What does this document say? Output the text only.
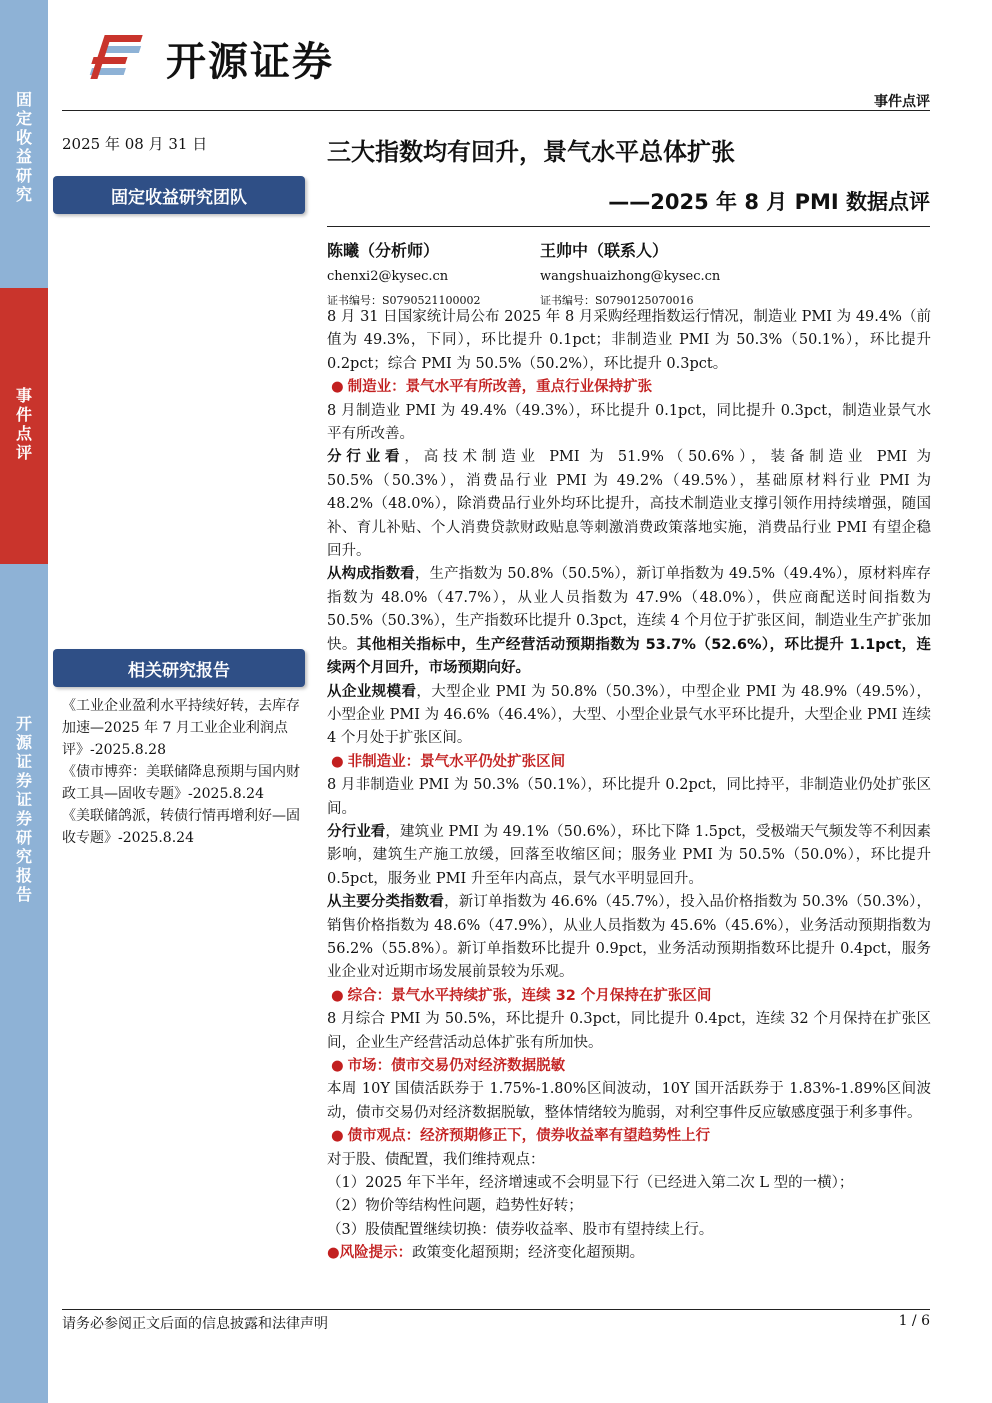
固定收益研究
事件点评
开源证券 证券研究报告
开源证券
事件点评
2025 年 08 月 31 日
固定收益研究团队
相关研究报告

《工业企业盈利水平持续好转，去库存加速—2025 年 7 月工业企业利润点评》-2025.8.28

《债市博弈：美联储降息预期与国内财政工具—固收专题》-2025.8.24

《美联储鸽派，转债行情再增利好—固收专题》-2025.8.24

三大指数均有回升，景气水平总体扩张
——2025 年 8 月 PMI 数据点评
陈曦（分析师）
chenxi2@kysec.cn
证书编号：S0790521100002
王帅中（联系人）
wangshuaizhong@kysec.cn
证书编号：S0790125070016

8 月 31 日国家统计局公布 2025 年 8 月采购经理指数运行情况，制造业 PMI 为 49.4%（前值为 49.3%，下同），环比提升 0.1pct；非制造业 PMI 为 50.3%（50.1%），环比提升 0.2pct；综合 PMI 为 50.5%（50.2%），环比提升 0.3pct。

● 制造业：景气水平有所改善，重点行业保持扩张

8 月制造业 PMI 为 49.4%（49.3%），环比提升 0.1pct，同比提升 0.3pct，制造业景气水平有所改善。

分行业看，高技术制造业 PMI 为 51.9%（50.6%），装备制造业 PMI 为 50.5%（50.3%），消费品行业 PMI 为 49.2%（49.5%），基础原材料行业 PMI 为 48.2%（48.0%），除消费品行业外均环比提升，高技术制造业支撑引领作用持续增强，随国补、育儿补贴、个人消费贷款财政贴息等刺激消费政策落地实施，消费品行业 PMI 有望企稳回升。

从构成指数看，生产指数为 50.8%（50.5%），新订单指数为 49.5%（49.4%），原材料库存指数为 48.0%（47.7%），从业人员指数为 47.9%（48.0%），供应商配送时间指数为 50.5%（50.3%），生产指数环比提升 0.3pct，连续 4 个月位于扩张区间，制造业生产扩张加快。其他相关指标中，生产经营活动预期指数为 53.7%（52.6%），环比提升 1.1pct，连续两个月回升，市场预期向好。

从企业规模看，大型企业 PMI 为 50.8%（50.3%），中型企业 PMI 为 48.9%（49.5%），小型企业 PMI 为 46.6%（46.4%），大型、小型企业景气水平环比提升，大型企业 PMI 连续 4 个月处于扩张区间。

● 非制造业：景气水平仍处扩张区间

8 月非制造业 PMI 为 50.3%（50.1%），环比提升 0.2pct，同比持平，非制造业仍处扩张区间。

分行业看，建筑业 PMI 为 49.1%（50.6%），环比下降 1.5pct，受极端天气频发等不利因素影响，建筑生产施工放缓，回落至收缩区间；服务业 PMI 为 50.5%（50.0%），环比提升 0.5pct，服务业 PMI 升至年内高点，景气水平明显回升。

从主要分类指数看，新订单指数为 46.6%（45.7%），投入品价格指数为 50.3%（50.3%），销售价格指数为 48.6%（47.9%），从业人员指数为 45.6%（45.6%），业务活动预期指数为 56.2%（55.8%）。新订单指数环比提升 0.9pct，业务活动预期指数环比提升 0.4pct，服务业企业对近期市场发展前景较为乐观。

● 综合：景气水平持续扩张，连续 32 个月保持在扩张区间

8 月综合 PMI 为 50.5%，环比提升 0.3pct，同比提升 0.4pct，连续 32 个月保持在扩张区间，企业生产经营活动总体扩张有所加快。

● 市场：债市交易仍对经济数据脱敏

本周 10Y 国债活跃券于 1.75%-1.80%区间波动，10Y 国开活跃券于 1.83%-1.89%区间波动，债市交易仍对经济数据脱敏，整体情绪较为脆弱，对利空事件反应敏感度强于利多事件。

● 债市观点：经济预期修正下，债券收益率有望趋势性上行

对于股、债配置，我们维持观点：

（1）2025 年下半年，经济增速或不会明显下行（已经进入第二次 L 型的一横）；

（2）物价等结构性问题，趋势性好转；

（3）股债配置继续切换：债券收益率、股市有望持续上行。

●风险提示：政策变化超预期；经济变化超预期。

请务必参阅正文后面的信息披露和法律声明	1 / 6
